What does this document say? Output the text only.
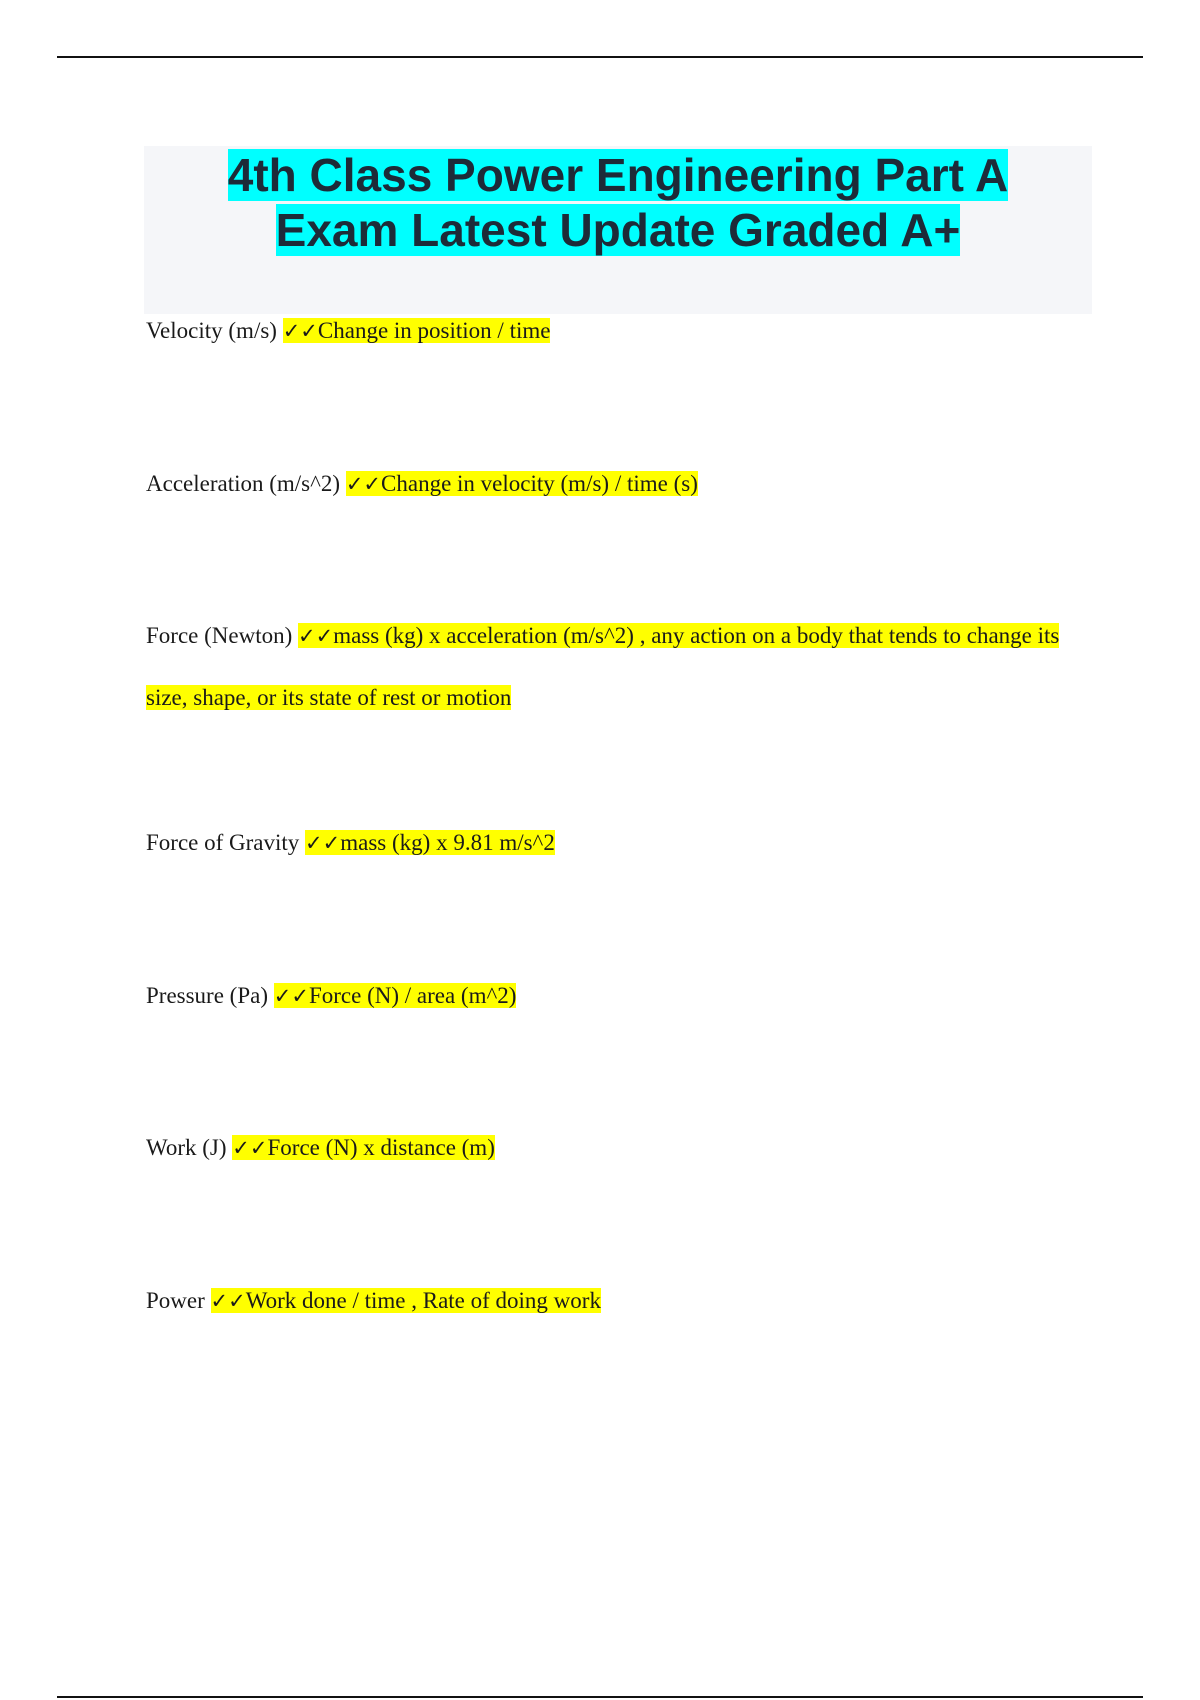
4th Class Power Engineering Part A
Exam Latest Update Graded A+

Velocity (m/s) ✓✓Change in position / time

Acceleration (m/s^2) ✓✓Change in velocity (m/s) / time (s)

Force (Newton) ✓✓mass (kg) x acceleration (m/s^2) , any action on a body that tends to change its size, shape, or its state of rest or motion

Force of Gravity ✓✓mass (kg) x 9.81 m/s^2

Pressure (Pa) ✓✓Force (N) / area (m^2)

Work (J) ✓✓Force (N) x distance (m)

Power ✓✓Work done / time , Rate of doing work
